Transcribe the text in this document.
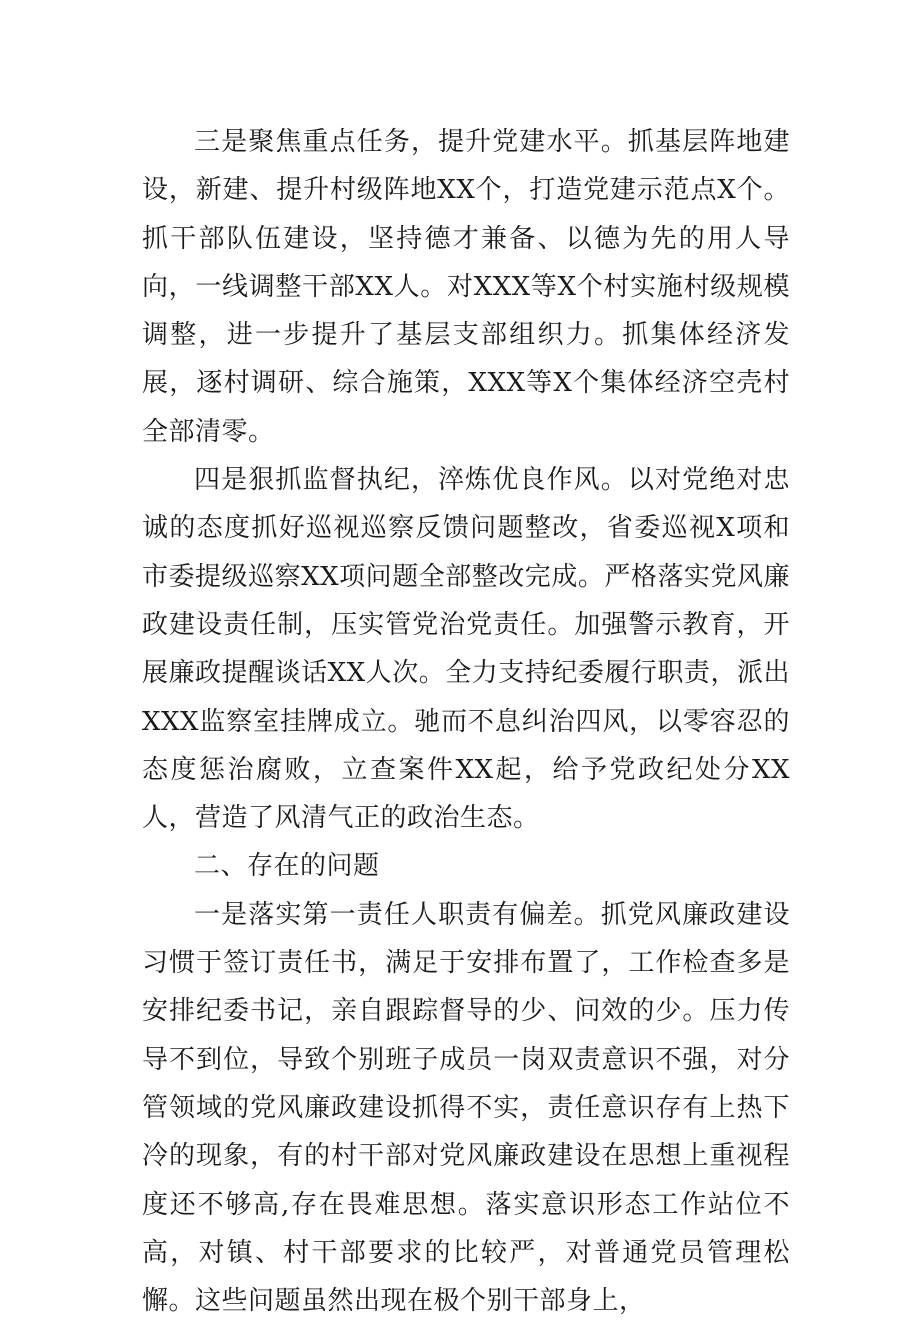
三是聚焦重点任务，提升党建水平。抓基层阵地建设，新建、提升村级阵地XX个，打造党建示范点X个。抓干部队伍建设，坚持德才兼备、以德为先的用人导向，一线调整干部XX人。对XXX等X个村实施村级规模调整，进一步提升了基层支部组织力。抓集体经济发展，逐村调研、综合施策，XXX等X个集体经济空壳村全部清零。

四是狠抓监督执纪，淬炼优良作风。以对党绝对忠诚的态度抓好巡视巡察反馈问题整改，省委巡视X项和市委提级巡察XX项问题全部整改完成。严格落实党风廉政建设责任制，压实管党治党责任。加强警示教育，开展廉政提醒谈话XX人次。全力支持纪委履行职责，派出XXX监察室挂牌成立。驰而不息纠治四风，以零容忍的态度惩治腐败，立查案件XX起，给予党政纪处分XX人，营造了风清气正的政治生态。

二、存在的问题

一是落实第一责任人职责有偏差。抓党风廉政建设习惯于签订责任书，满足于安排布置了，工作检查多是安排纪委书记，亲自跟踪督导的少、问效的少。压力传导不到位，导致个别班子成员一岗双责意识不强，对分管领域的党风廉政建设抓得不实，责任意识存有上热下冷的现象，有的村干部对党风廉政建设在思想上重视程度还不够高,存在畏难思想。落实意识形态工作站位不高，对镇、村干部要求的比较严，对普通党员管理松懈。这些问题虽然出现在极个别干部身上，
